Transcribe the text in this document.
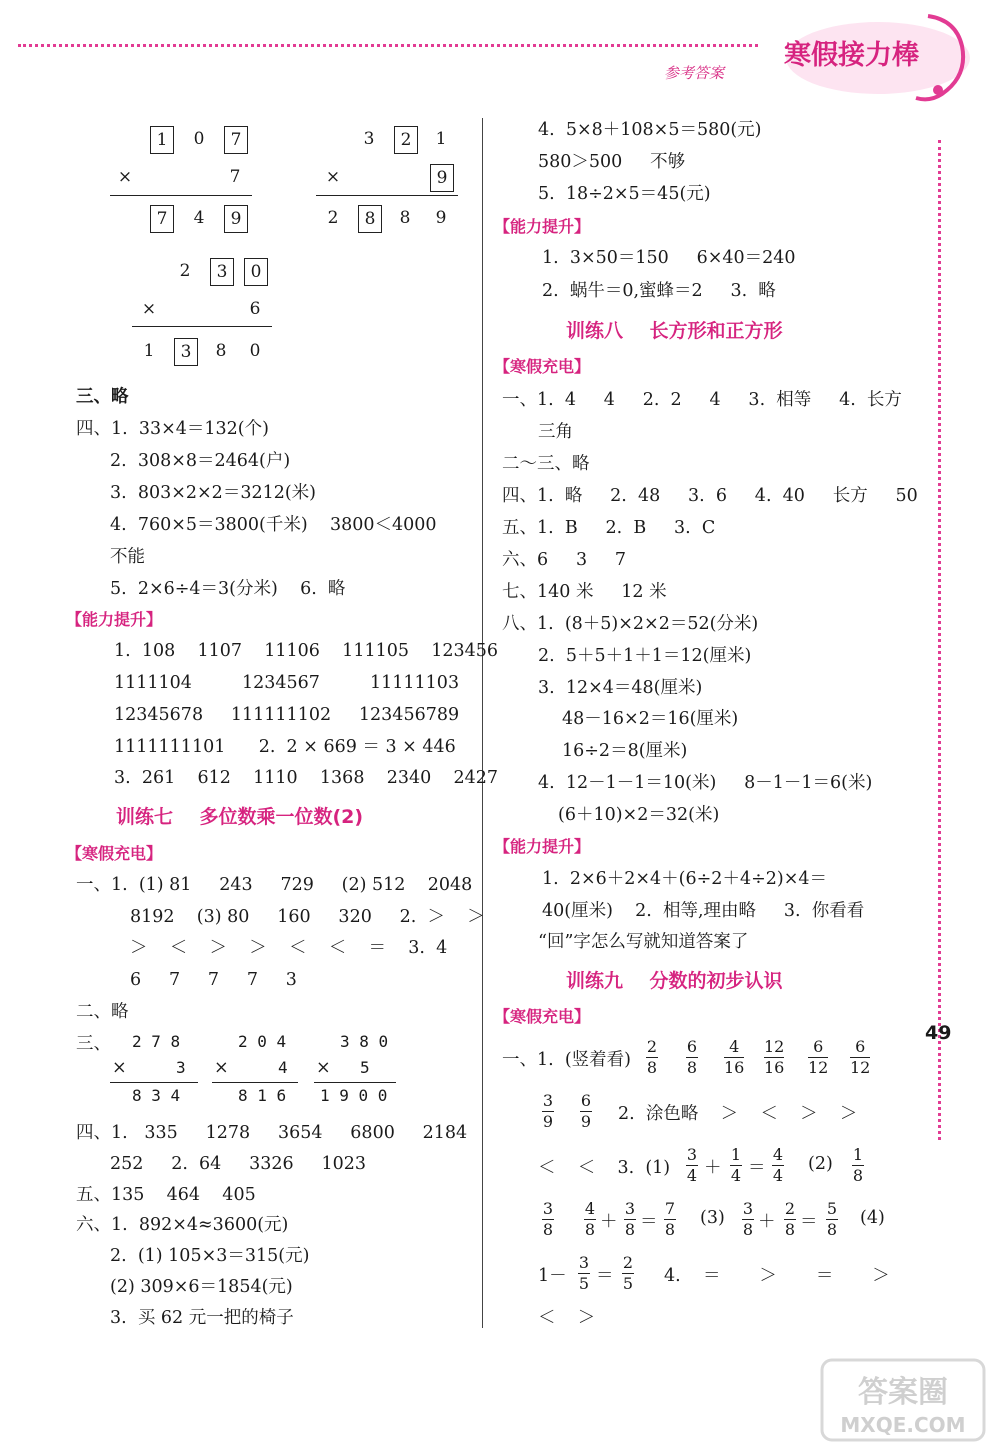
参考答案
寒假接力棒
49
1	0	7
×	7
7	4	9
3	2	1
×	9
2	8	8	9
2	3	0
×	6
1	3	8	0
三、略
四、1.  33×4＝132(个)
2.  308×8＝2464(户)
3.  803×2×2＝3212(米)
4.  760×5＝3800(千米)    3800＜4000
不能
5.  2×6÷4＝3(分米)    6.  略
【能力提升】
1.  108    1107    11106    111105    123456
1111104         1234567         11111103
12345678     111111102     123456789
1111111101      2.  2 × 669 ＝ 3 × 446
3.  261    612    1110    1368    2340    2427
训练七    多位数乘一位数(2)
【寒假充电】
一、1.  (1) 81     243     729     (2) 512    2048
8192    (3) 80     160     320     2.  ＞    ＞
＞    ＜    ＞    ＞    ＜    ＜    ＝    3.  4
6     7     7     7     3
二、略
三、 2 7 8
×	3
8 3 4
2 0 4
×	4
8 1 6
3 8 0
× 5
1 9 0 0
四、1.   335     1278     3654     6800     2184
252     2.  64     3326     1023
五、135    464    405
六、1.  892×4≈3600(元)
2.  (1) 105×3＝315(元)
(2) 309×6＝1854(元)
3.  买 62 元一把的椅子
4.  5×8＋108×5＝580(元)
580＞500     不够
5.  18÷2×5＝45(元)
【能力提升】
1.  3×50＝150     6×40＝240
2.  蜗牛＝0,蜜蜂＝2     3.  略
训练八    长方形和正方形
【寒假充电】
一、1.  4     4     2.  2     4     3.  相等     4.  长方
三角
二～三、略
四、1.  略     2.  48     3.  6     4.  40     长方     50
五、1.  B     2.  B     3.  C
六、6     3     7
七、140 米     12 米
八、1.  (8＋5)×2×2＝52(分米)
2.  5＋5＋1＋1＝12(厘米)
3.  12×4＝48(厘米)
48－16×2＝16(厘米)
16÷2＝8(厘米)
4.  12－1－1＝10(米)     8－1－1＝6(米)
(6＋10)×2＝32(米)
【能力提升】
1.  2×6＋2×4＋(6÷2＋4÷2)×4＝
40(厘米)    2.  相等,理由略     3.  你看看
“回”字怎么写就知道答案了
训练九    分数的初步认识
【寒假充电】
一、1.  (竖着看)
2
8
6
8
4
16
12
16
6
12
6
12
3
9
6
9 2.  涂色略    ＞    ＜    ＞    ＞
＜    ＜    3.  (1)	(2)
3
4 ＋
1
4 ＝
4
4
1
8
3
8
4
8 ＋
3
8 ＝
7
8
3
8 ＋
2
8 ＝
5
8
(3)	(4)
1－
3
5 ＝
2
5 4.    ＝       ＞       ＝       ＞
＜    ＞
答案圈
MXQE.COM
